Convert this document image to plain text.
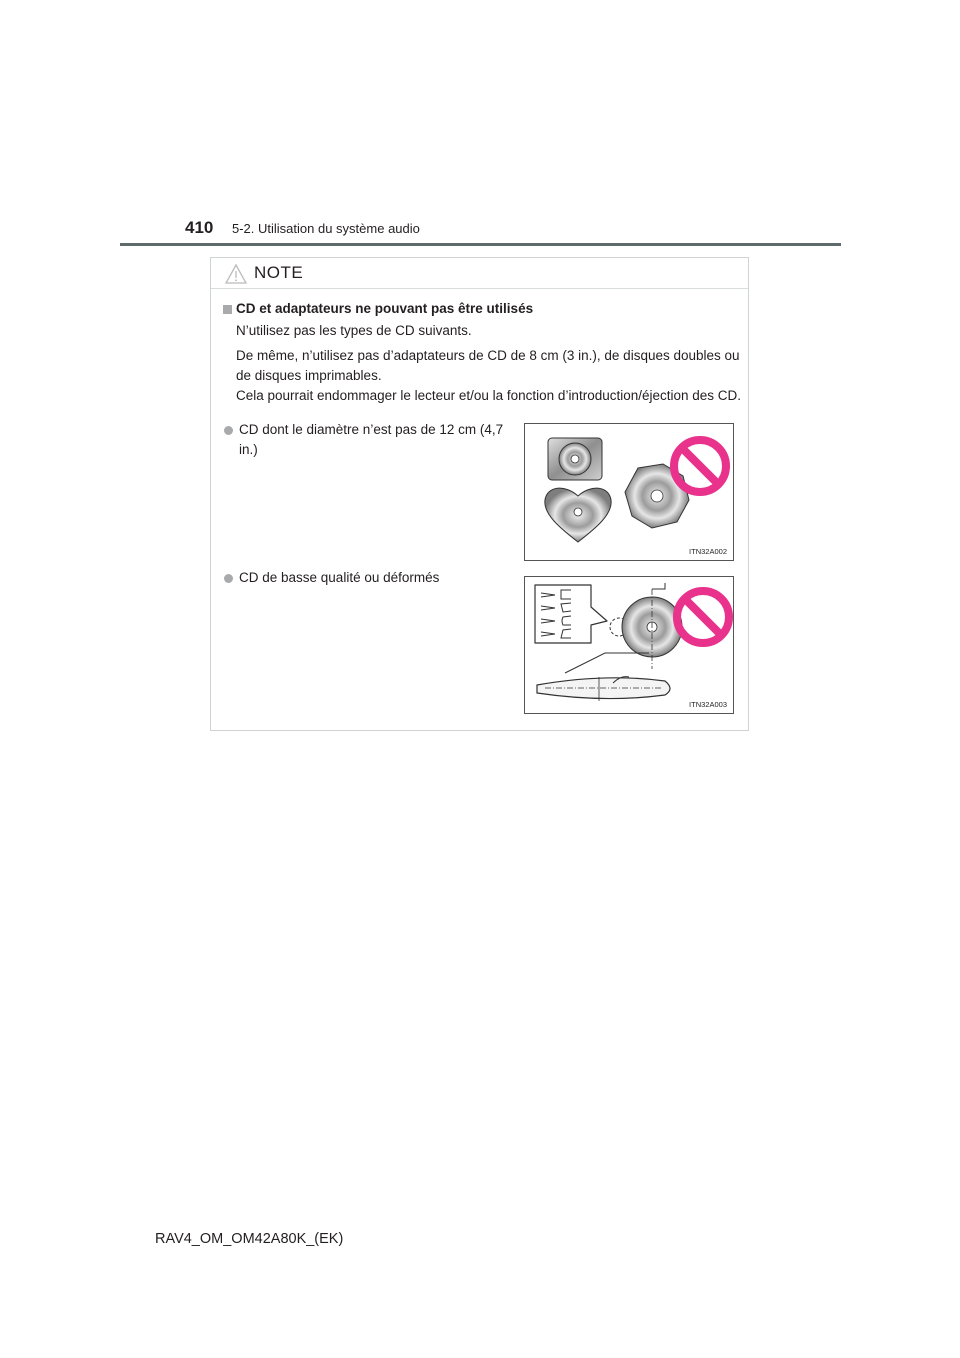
410 5-2. Utilisation du système audio
NOTE
CD et adaptateurs ne pouvant pas être utilisés
N’utilisez pas les types de CD suivants.
De même, n’utilisez pas d’adaptateurs de CD de 8 cm (3 in.), de disques doubles ou de disques imprimables.
Cela pourrait endommager le lecteur et/ou la fonction d’introduction/éjection des CD.
CD dont le diamètre n’est pas de 12 cm (4,7 in.)
ITN32A002
CD de basse qualité ou déformés
ITN32A003
RAV4_OM_OM42A80K_(EK)
